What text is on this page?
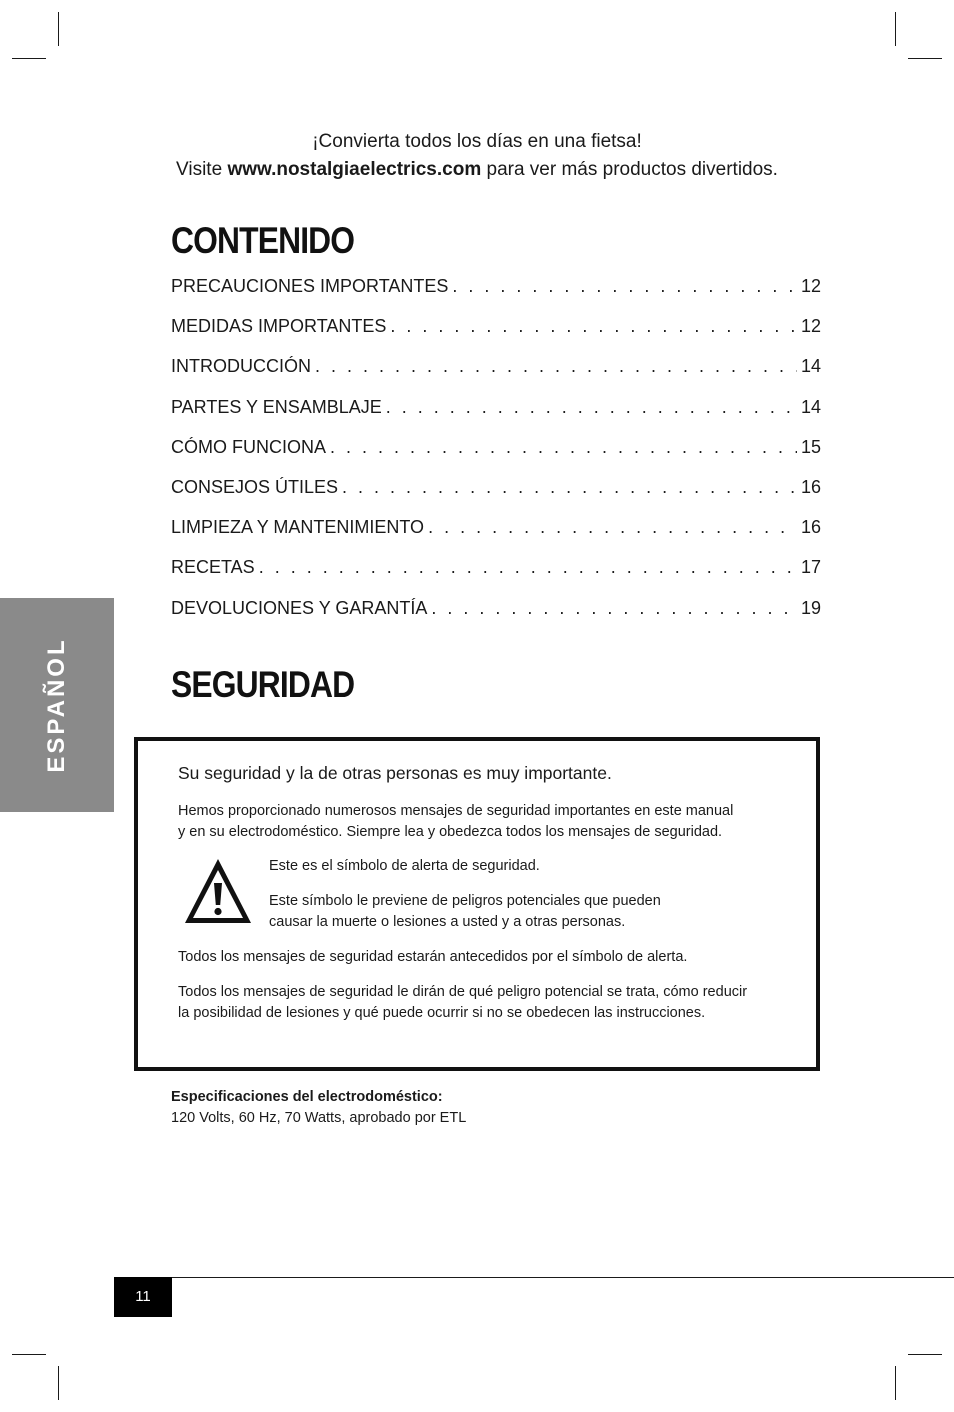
¡Convierta todos los días en una fietsa!
Visite www.nostalgiaelectrics.com para ver más productos divertidos.
CONTENIDO
PRECAUCIONES IMPORTANTES . . .	12
MEDIDAS IMPORTANTES . . .	12
INTRODUCCIÓN . . .	14
PARTES Y ENSAMBLAJE . . .	14
CÓMO FUNCIONA . . .	15
CONSEJOS ÚTILES . . .	16
LIMPIEZA Y MANTENIMIENTO . . .	16
RECETAS . . .	17
DEVOLUCIONES Y GARANTÍA . . .	19
ESPAÑOL	SEGURIDAD

Su seguridad y la de otras personas es muy importante.

Hemos proporcionado numerosos mensajes de seguridad importantes en este manual
y en su electrodoméstico. Siempre lea y obedezca todos los mensajes de seguridad.

Este es el símbolo de alerta de seguridad.

Este símbolo le previene de peligros potenciales que pueden
causar la muerte o lesiones a usted y a otras personas.

Todos los mensajes de seguridad estarán antecedidos por el símbolo de alerta.

Todos los mensajes de seguridad le dirán de qué peligro potencial se trata, cómo reducir
la posibilidad de lesiones y qué puede ocurrir si no se obedecen las instrucciones.

Especificaciones del electrodoméstico:
120 Volts, 60 Hz, 70 Watts, aprobado por ETL
11
